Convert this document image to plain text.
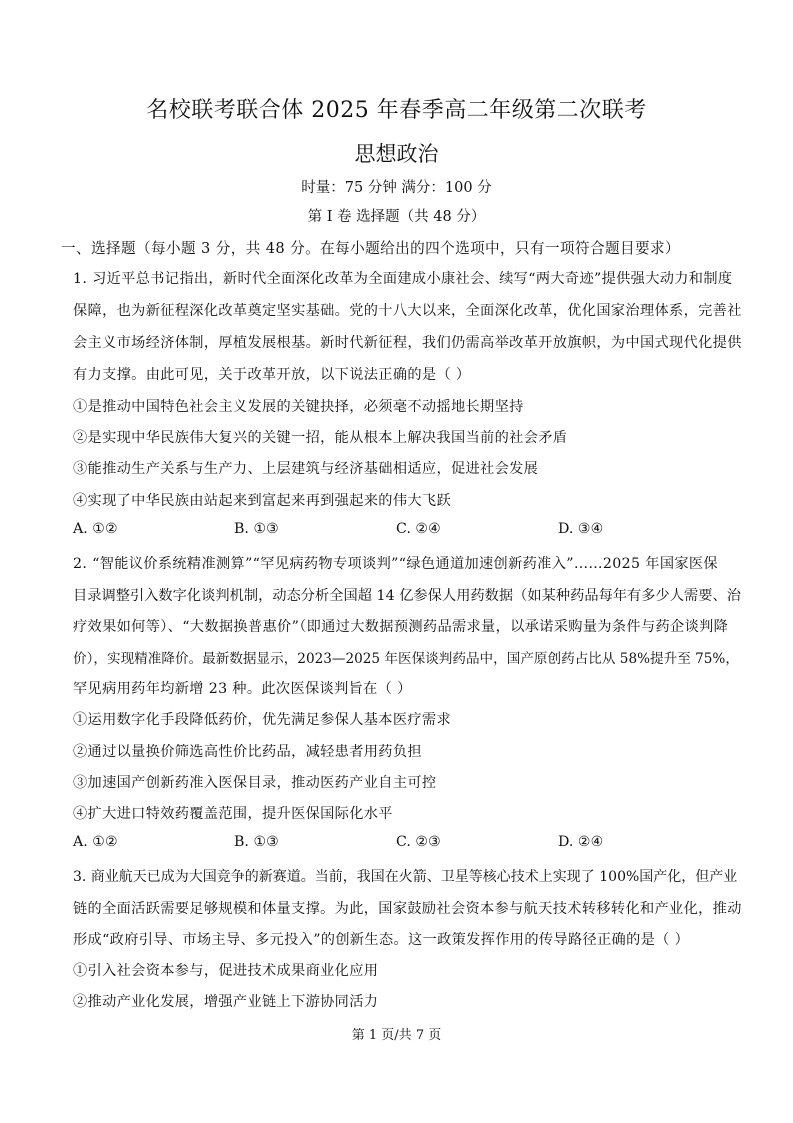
名校联考联合体 2025 年春季高二年级第二次联考
思想政治
时量：75 分钟 满分：100 分
第 I 卷 选择题（共 48 分）
一、选择题（每小题 3 分，共 48 分。在每小题给出的四个选项中，只有一项符合题目要求）
1. 习近平总书记指出，新时代全面深化改革为全面建成小康社会、续写“两大奇迹”提供强大动力和制度
保障，也为新征程深化改革奠定坚实基础。党的十八大以来，全面深化改革，优化国家治理体系，完善社
会主义市场经济体制，厚植发展根基。新时代新征程，我们仍需高举改革开放旗帜，为中国式现代化提供
有力支撑。由此可见，关于改革开放，以下说法正确的是（ ）
①是推动中国特色社会主义发展的关键抉择，必须毫不动摇地长期坚持
②是实现中华民族伟大复兴的关键一招，能从根本上解决我国当前的社会矛盾
③能推动生产关系与生产力、上层建筑与经济基础相适应，促进社会发展
④实现了中华民族由站起来到富起来再到强起来的伟大飞跃
A. ①②	B. ①③	C. ②④	D. ③④
2. “智能议价系统精准测算”“罕见病药物专项谈判”“绿色通道加速创新药准入”……2025 年国家医保
目录调整引入数字化谈判机制，动态分析全国超 14 亿参保人用药数据（如某种药品每年有多少人需要、治
疗效果如何等）、“大数据换普惠价”（即通过大数据预测药品需求量，以承诺采购量为条件与药企谈判降
价），实现精准降价。最新数据显示，2023—2025 年医保谈判药品中，国产原创药占比从 58%提升至 75%，
罕见病用药年均新增 23 种。此次医保谈判旨在（ ）
①运用数字化手段降低药价，优先满足参保人基本医疗需求
②通过以量换价筛选高性价比药品，减轻患者用药负担
③加速国产创新药准入医保目录，推动医药产业自主可控
④扩大进口特效药覆盖范围，提升医保国际化水平
A. ①②	B. ①③	C. ②③	D. ②④
3. 商业航天已成为大国竞争的新赛道。当前，我国在火箭、卫星等核心技术上实现了 100%国产化，但产业
链的全面活跃需要足够规模和体量支撑。为此，国家鼓励社会资本参与航天技术转移转化和产业化，推动
形成“政府引导、市场主导、多元投入”的创新生态。这一政策发挥作用的传导路径正确的是（ ）
①引入社会资本参与，促进技术成果商业化应用
②推动产业化发展，增强产业链上下游协同活力
第 1 页/共 7 页
